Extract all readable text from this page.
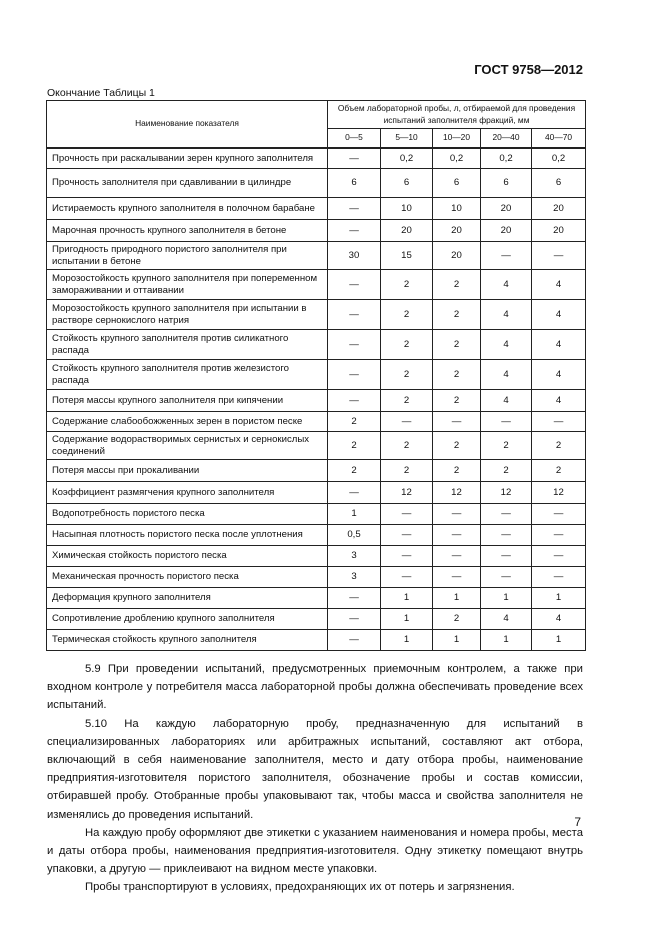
ГОСТ 9758—2012
Окончание Таблицы 1
Наименование показателя	Объем лабораторной пробы, л, отбираемой для проведения испытаний заполнителя фракций, мм				
	0—5	5—10	10—20	20—40	40—70
Прочность при раскалывании зерен крупного заполнителя	—	0,2	0,2	0,2	0,2
Прочность заполнителя при сдавливании в цилиндре	6	6	6	6	6
Истираемость крупного заполнителя в полочном барабане	—	10	10	20	20
Марочная прочность крупного заполнителя в бетоне	—	20	20	20	20
Пригодность природного пористого заполнителя при испытании в бетоне	30	15	20	—	—
Морозостойкость крупного заполнителя при попеременном замораживании и оттаивании	—	2	2	4	4
Морозостойкость крупного заполнителя при испытании в растворе сернокислого натрия	—	2	2	4	4
Стойкость крупного заполнителя против силикатного распада	—	2	2	4	4
Стойкость крупного заполнителя против железистого распада	—	2	2	4	4
Потеря массы крупного заполнителя при кипячении	—	2	2	4	4
Содержание слабообожженных зерен в пористом песке	2	—	—	—	—
Содержание водорастворимых сернистых и сернокислых соединений	2	2	2	2	2
Потеря массы при прокаливании	2	2	2	2	2
Коэффициент размягчения крупного заполнителя	—	12	12	12	12
Водопотребность пористого песка	1	—	—	—	—
Насыпная плотность пористого песка после уплотнения	0,5	—	—	—	—
Химическая стойкость пористого песка	3	—	—	—	—
Механическая прочность пористого песка	3	—	—	—	—
Деформация крупного заполнителя	—	1	1	1	1
Сопротивление дроблению крупного заполнителя	—	1	2	4	4
Термическая стойкость крупного заполнителя	—	1	1	1	1

5.9 При проведении испытаний, предусмотренных приемочным контролем, а также при входном контроле у потребителя масса лабораторной пробы должна обеспечивать проведение всех испытаний.

5.10 На каждую лабораторную пробу, предназначенную для испытаний в специализированных лабораториях или арбитражных испытаний, составляют акт отбора, включающий в себя наименование заполнителя, место и дату отбора пробы, наименование предприятия-изготовителя пористого заполнителя, обозначение пробы и состав комиссии, отбиравшей пробу. Отобранные пробы упаковывают так, чтобы масса и свойства заполнителя не изменялись до проведения испытаний.

На каждую пробу оформляют две этикетки с указанием наименования и номера пробы, места и даты отбора пробы, наименования предприятия-изготовителя. Одну этикетку помещают внутрь упаковки, а другую — приклеивают на видном месте упаковки.

Пробы транспортируют в условиях, предохраняющих их от потерь и загрязнения.

7
